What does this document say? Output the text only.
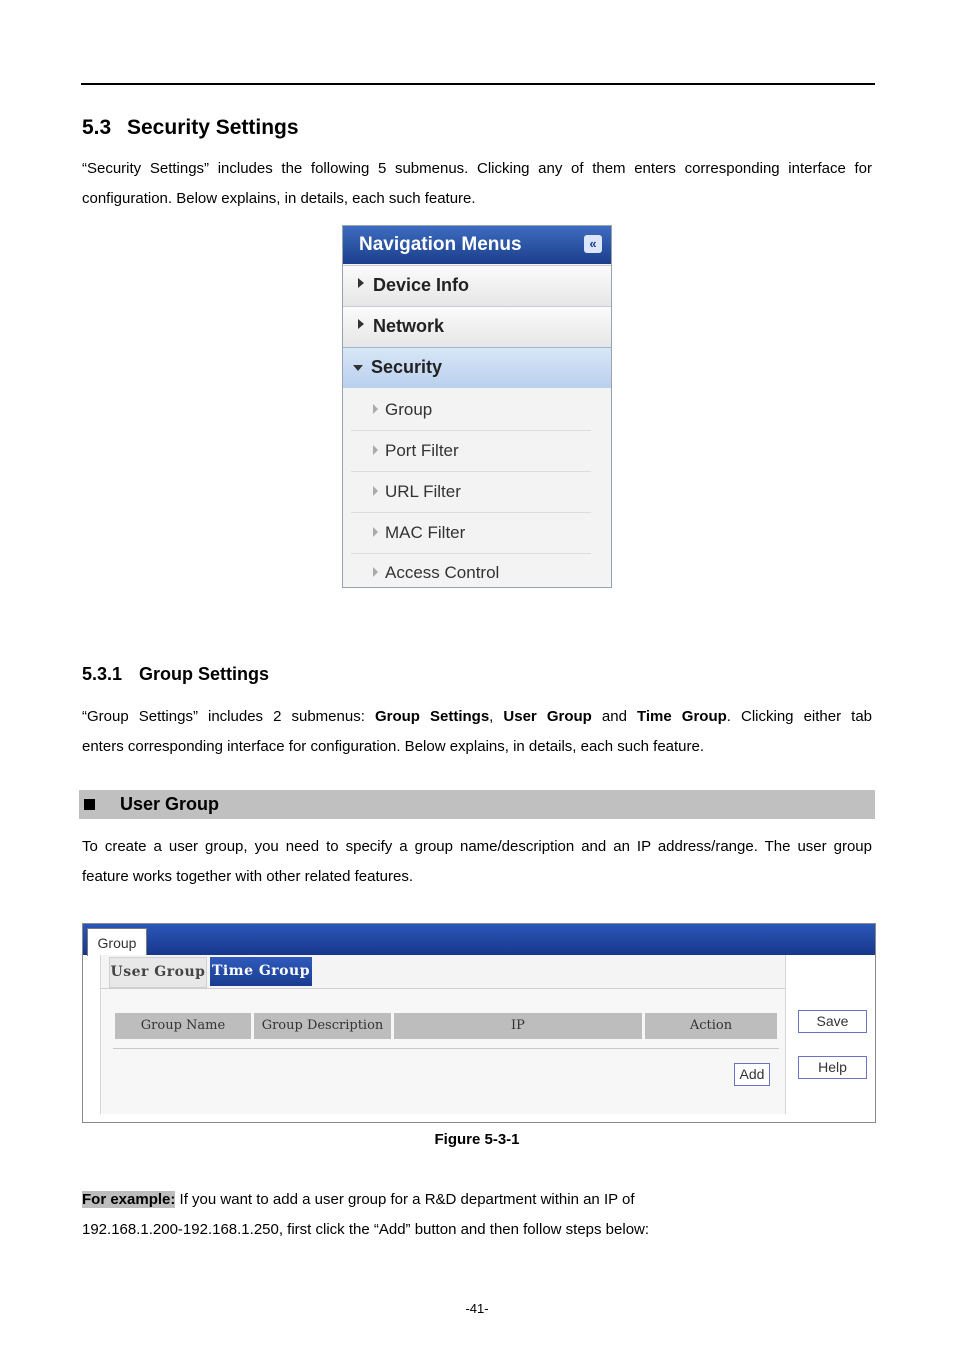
5.3 Security Settings

“Security Settings” includes the following 5 submenus. Clicking any of them enters corresponding interface for

configuration. Below explains, in details, each such feature.

Navigation Menus	«
Device Info
Network
Security
Group
Port Filter
URL Filter
MAC Filter
Access Control
5.3.1 Group Settings

“Group Settings” includes 2 submenus: Group Settings, User Group and Time Group. Clicking either tab

enters corresponding interface for configuration. Below explains, in details, each such feature.

User Group

To create a user group, you need to specify a group name/description and an IP address/range. The user group

feature works together with other related features.

Group
User Group Time Group
Group Name	Group Description	IP	Action
Add
Save
Help
Figure 5-3-1

For example: If you want to add a user group for a R&D department within an IP of

192.168.1.200-192.168.1.250, first click the “Add” button and then follow steps below:

-41-
